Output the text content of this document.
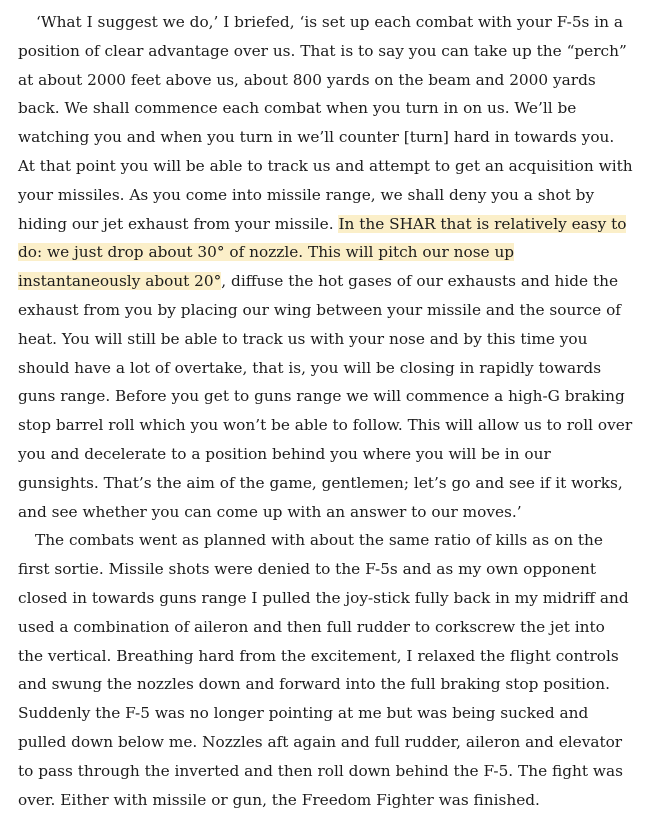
‘What I suggest we do,’ I briefed, ‘is set up each combat with your F-5s in a position of clear advantage over us. That is to say you can take up the “perch” at about 2000 feet above us, about 800 yards on the beam and 2000 yards back. We shall commence each combat when you turn in on us. We’ll be watching you and when you turn in we’ll counter [turn] hard in towards you. At that point you will be able to track us and attempt to get an acquisition with your missiles. As you come into missile range, we shall deny you a shot by hiding our jet exhaust from your missile. In the SHAR that is relatively easy to do: we just drop about 30° of nozzle. This will pitch our nose up instantaneously about 20°, diffuse the hot gases of our exhausts and hide the exhaust from you by placing our wing between your missile and the source of heat. You will still be able to track us with your nose and by this time you should have a lot of overtake, that is, you will be closing in rapidly towards guns range. Before you get to guns range we will commence a high-G braking stop barrel roll which you won’t be able to follow. This will allow us to roll over you and decelerate to a position behind you where you will be in our gunsights. That’s the aim of the game, gentlemen; let’s go and see if it works, and see whether you can come up with an answer to our moves.’

The combats went as planned with about the same ratio of kills as on the first sortie. Missile shots were denied to the F-5s and as my own opponent closed in towards guns range I pulled the joy-stick fully back in my midriff and used a combination of aileron and then full rudder to corkscrew the jet into the vertical. Breathing hard from the excitement, I relaxed the flight controls and swung the nozzles down and forward into the full braking stop position. Suddenly the F-5 was no longer pointing at me but was being sucked and pulled down below me. Nozzles aft again and full rudder, aileron and elevator to pass through the inverted and then roll down behind the F-5. The fight was over. Either with missile or gun, the Freedom Fighter was finished.
